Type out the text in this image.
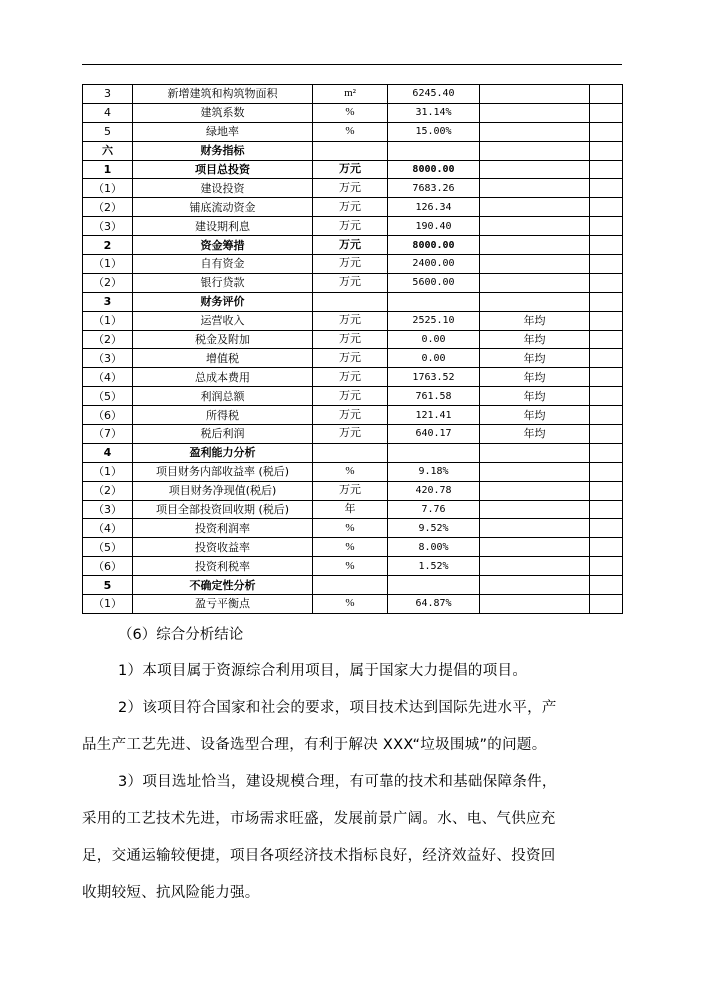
3	新增建筑和构筑物面积	m²	6245.40		
4	建筑系数	%	31.14%		
5	绿地率	%	15.00%		
六	财务指标				
1	项目总投资	万元	8000.00		
（1）	建设投资	万元	7683.26		
（2）	铺底流动资金	万元	126.34		
（3）	建设期利息	万元	190.40		
2	资金筹措	万元	8000.00		
（1）	自有资金	万元	2400.00		
（2）	银行贷款	万元	5600.00		
3	财务评价				
（1）	运营收入	万元	2525.10	年均	
（2）	税金及附加	万元	0.00	年均	
（3）	增值税	万元	0.00	年均	
（4）	总成本费用	万元	1763.52	年均	
（5）	利润总额	万元	761.58	年均	
（6）	所得税	万元	121.41	年均	
（7）	税后利润	万元	640.17	年均	
4	盈利能力分析				
（1）	项目财务内部收益率 (税后)	%	9.18%		
（2）	项目财务净现值(税后)	万元	420.78		
（3）	项目全部投资回收期 (税后)	年	7.76		
（4）	投资利润率	%	9.52%		
（5）	投资收益率	%	8.00%		
（6）	投资利税率	%	1.52%		
5	不确定性分析				
（1）	盈亏平衡点	%	64.87%		
（6）综合分析结论
1）本项目属于资源综合利用项目，属于国家大力提倡的项目。
2）该项目符合国家和社会的要求，项目技术达到国际先进水平，产
品生产工艺先进、设备选型合理，有利于解决 XXX“垃圾围城”的问题。
3）项目选址恰当，建设规模合理，有可靠的技术和基础保障条件，
采用的工艺技术先进，市场需求旺盛，发展前景广阔。水、电、气供应充
足，交通运输较便捷，项目各项经济技术指标良好，经济效益好、投资回
收期较短、抗风险能力强。
